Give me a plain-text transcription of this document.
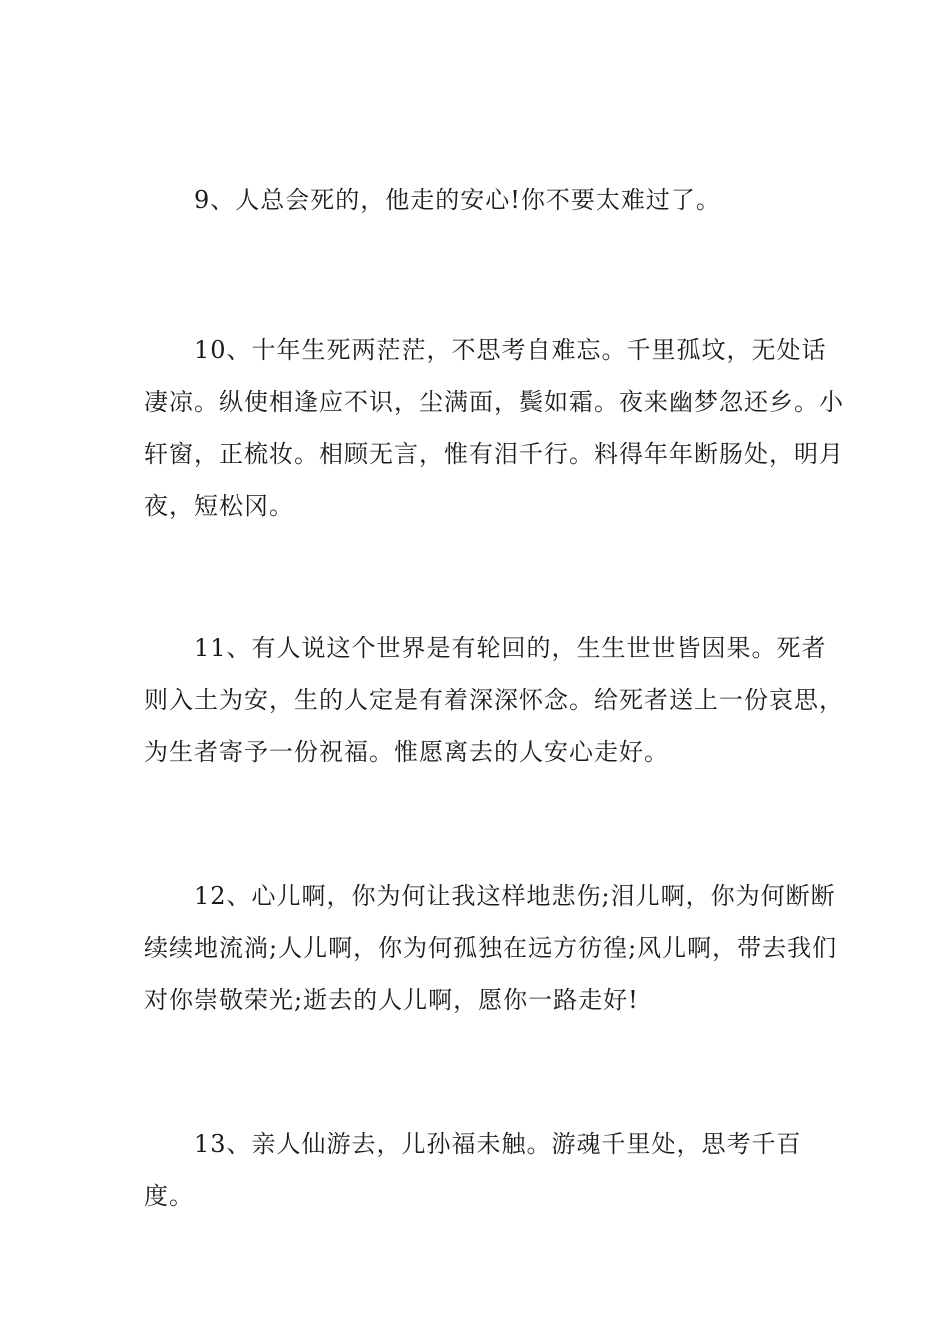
9、人总会死的，他走的安心!你不要太难过了。

10、十年生死两茫茫，不思考自难忘。千里孤坟，无处话凄凉。纵使相逢应不识，尘满面，鬓如霜。夜来幽梦忽还乡。小轩窗，正梳妆。相顾无言，惟有泪千行。料得年年断肠处，明月夜，短松冈。

11、有人说这个世界是有轮回的，生生世世皆因果。死者则入土为安，生的人定是有着深深怀念。给死者送上一份哀思，为生者寄予一份祝福。惟愿离去的人安心走好。

12、心儿啊，你为何让我这样地悲伤;泪儿啊，你为何断断续续地流淌;人儿啊，你为何孤独在远方彷徨;风儿啊，带去我们对你崇敬荣光;逝去的人儿啊，愿你一路走好!

13、亲人仙游去，儿孙福未触。游魂千里处，思考千百度。
